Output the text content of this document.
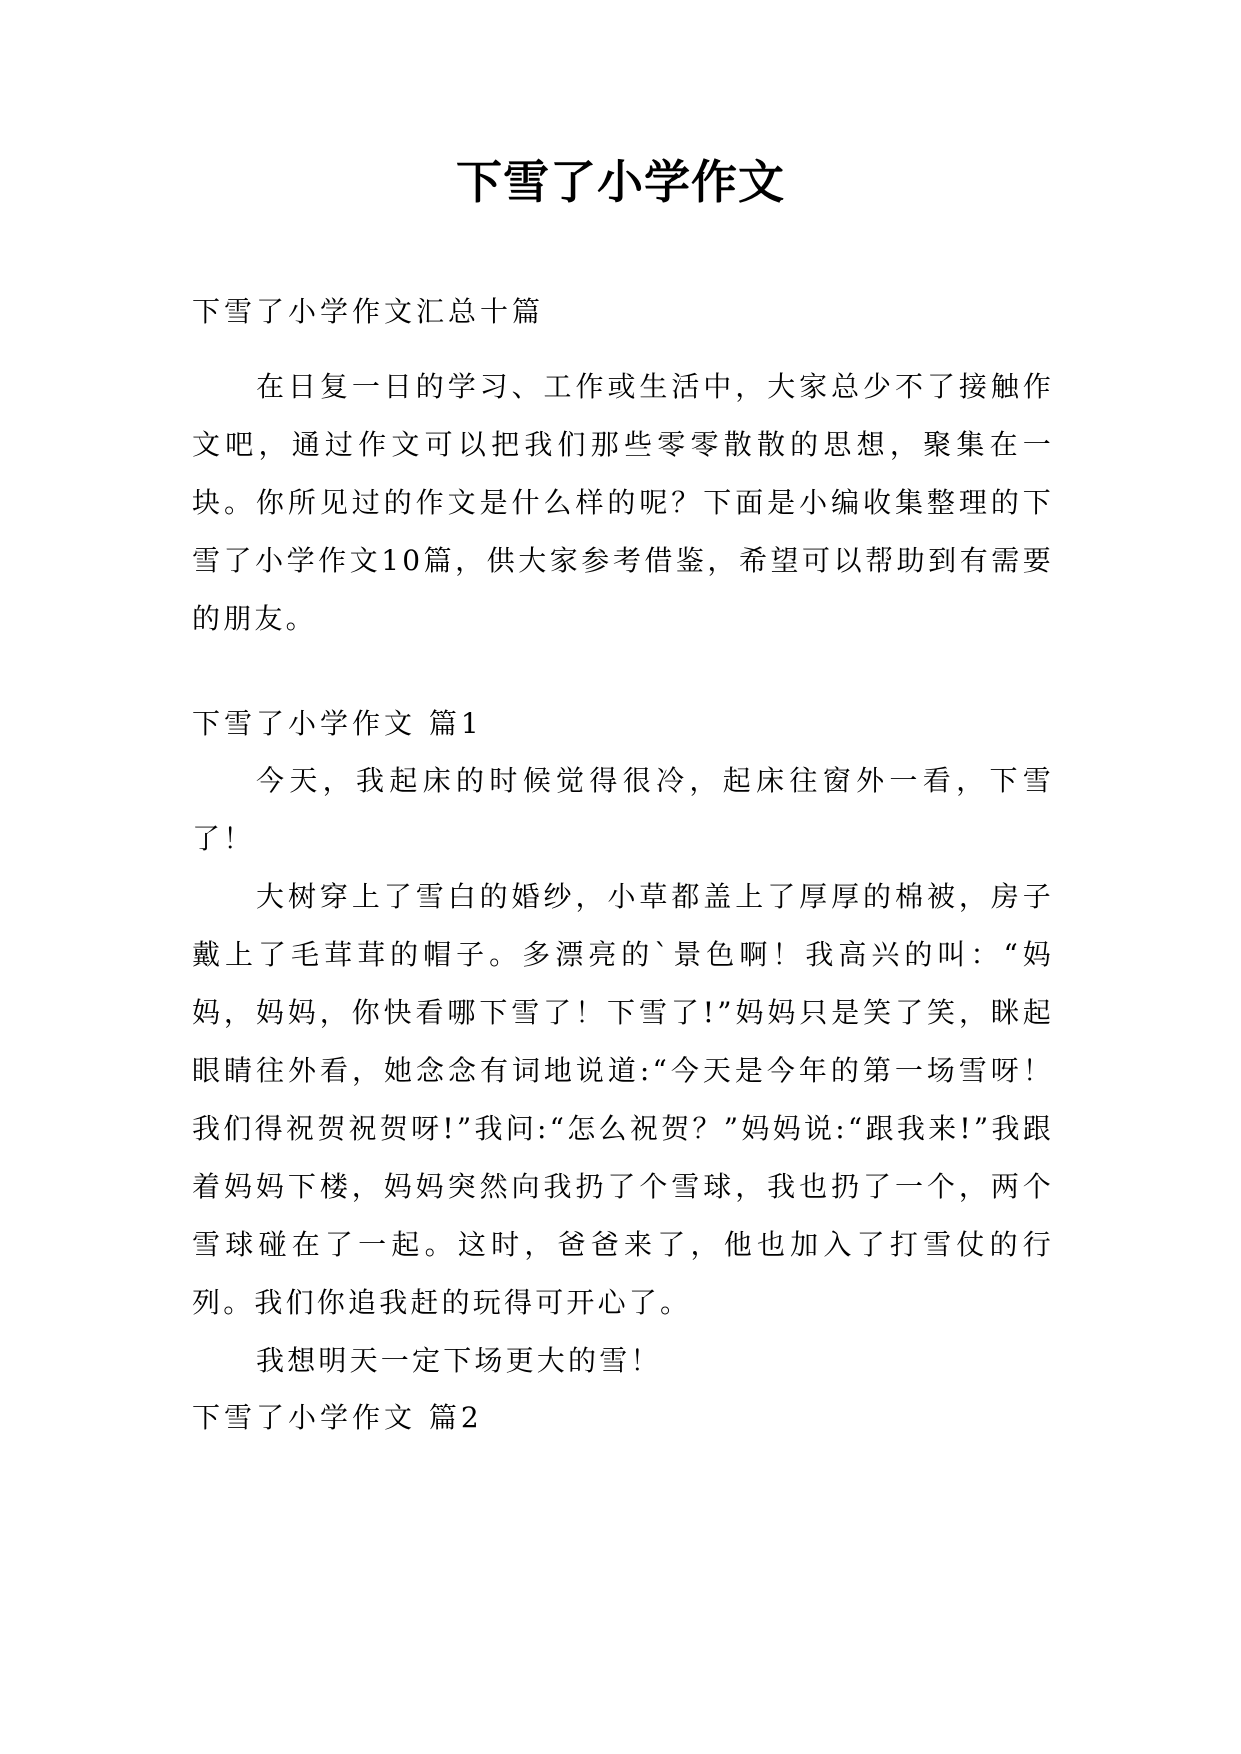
下雪了小学作文

下雪了小学作文汇总十篇

在日复一日的学习、工作或生活中，大家总少不了接触作文吧，通过作文可以把我们那些零零散散的思想，聚集在一块。你所见过的作文是什么样的呢？下面是小编收集整理的下雪了小学作文10篇，供大家参考借鉴，希望可以帮助到有需要的朋友。

下雪了小学作文 篇1

今天，我起床的时候觉得很冷，起床往窗外一看，下雪了！

大树穿上了雪白的婚纱，小草都盖上了厚厚的棉被，房子戴上了毛茸茸的帽子。多漂亮的`景色啊！我高兴的叫：“妈妈，妈妈，你快看哪下雪了！下雪了!”妈妈只是笑了笑，眯起眼睛往外看，她念念有词地说道:“今天是今年的第一场雪呀！我们得祝贺祝贺呀!”我问:“怎么祝贺？”妈妈说:“跟我来!”我跟着妈妈下楼，妈妈突然向我扔了个雪球，我也扔了一个，两个雪球碰在了一起。这时，爸爸来了，他也加入了打雪仗的行列。我们你追我赶的玩得可开心了。

我想明天一定下场更大的雪！

下雪了小学作文 篇2
